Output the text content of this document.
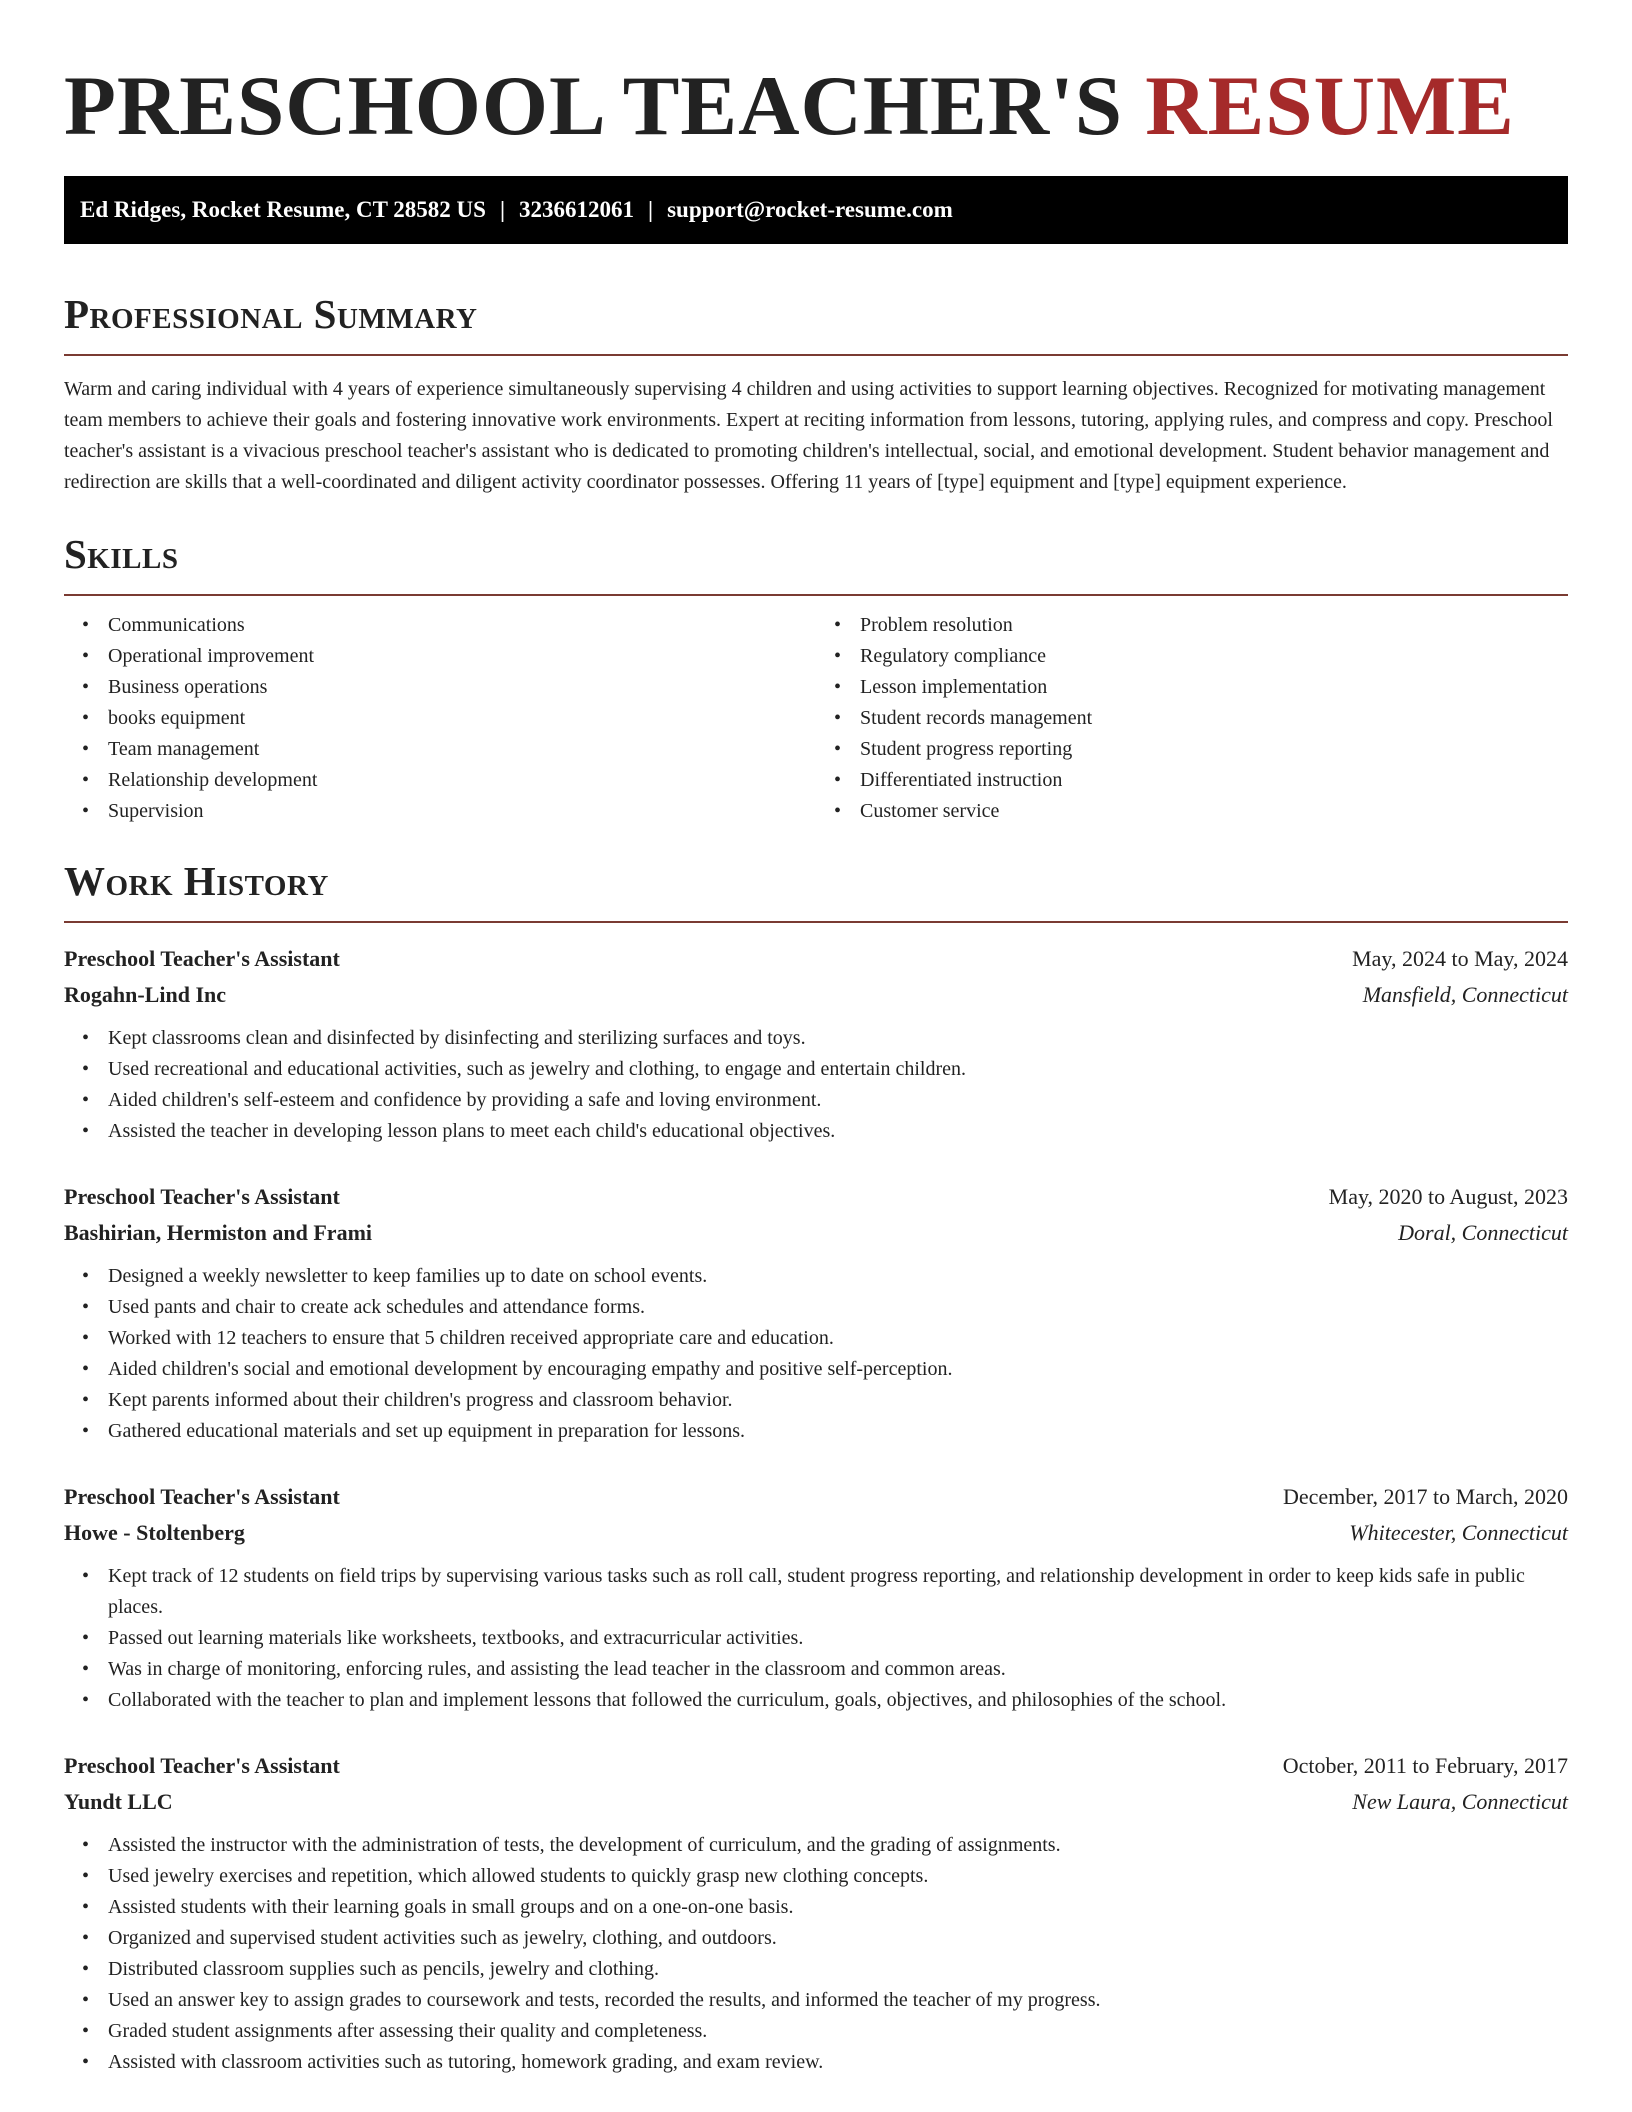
PRESCHOOL TEACHER'S RESUME
Ed Ridges, Rocket Resume, CT 28582 US | 3236612061 | support@rocket-resume.com
Professional Summary

Warm and caring individual with 4 years of experience simultaneously supervising 4 children and using activities to support learning objectives. Recognized for motivating management team members to achieve their goals and fostering innovative work environments. Expert at reciting information from lessons, tutoring, applying rules, and compress and copy. Preschool teacher's assistant is a vivacious preschool teacher's assistant who is dedicated to promoting children's intellectual, social, and emotional development. Student behavior management and redirection are skills that a well-coordinated and diligent activity coordinator possesses. Offering 11 years of [type] equipment and [type] equipment experience.

Skills
• Communications
• Operational improvement
• Business operations
• books equipment
• Team management
• Relationship development
• Supervision
• Problem resolution
• Regulatory compliance
• Lesson implementation
• Student records management
• Student progress reporting
• Differentiated instruction
• Customer service
Work History
Preschool Teacher's Assistant	May, 2024 to May, 2024
Rogahn-Lind Inc	Mansfield, Connecticut
• Kept classrooms clean and disinfected by disinfecting and sterilizing surfaces and toys.
• Used recreational and educational activities, such as jewelry and clothing, to engage and entertain children.
• Aided children's self-esteem and confidence by providing a safe and loving environment.
• Assisted the teacher in developing lesson plans to meet each child's educational objectives.
Preschool Teacher's Assistant	May, 2020 to August, 2023
Bashirian, Hermiston and Frami	Doral, Connecticut
• Designed a weekly newsletter to keep families up to date on school events.
• Used pants and chair to create ack schedules and attendance forms.
• Worked with 12 teachers to ensure that 5 children received appropriate care and education.
• Aided children's social and emotional development by encouraging empathy and positive self-perception.
• Kept parents informed about their children's progress and classroom behavior.
• Gathered educational materials and set up equipment in preparation for lessons.
Preschool Teacher's Assistant	December, 2017 to March, 2020
Howe - Stoltenberg	Whitecester, Connecticut
• Kept track of 12 students on field trips by supervising various tasks such as roll call, student progress reporting, and relationship development in order to keep kids safe in public places.
• Passed out learning materials like worksheets, textbooks, and extracurricular activities.
• Was in charge of monitoring, enforcing rules, and assisting the lead teacher in the classroom and common areas.
• Collaborated with the teacher to plan and implement lessons that followed the curriculum, goals, objectives, and philosophies of the school.
Preschool Teacher's Assistant	October, 2011 to February, 2017
Yundt LLC	New Laura, Connecticut
• Assisted the instructor with the administration of tests, the development of curriculum, and the grading of assignments.
• Used jewelry exercises and repetition, which allowed students to quickly grasp new clothing concepts.
• Assisted students with their learning goals in small groups and on a one-on-one basis.
• Organized and supervised student activities such as jewelry, clothing, and outdoors.
• Distributed classroom supplies such as pencils, jewelry and clothing.
• Used an answer key to assign grades to coursework and tests, recorded the results, and informed the teacher of my progress.
• Graded student assignments after assessing their quality and completeness.
• Assisted with classroom activities such as tutoring, homework grading, and exam review.
